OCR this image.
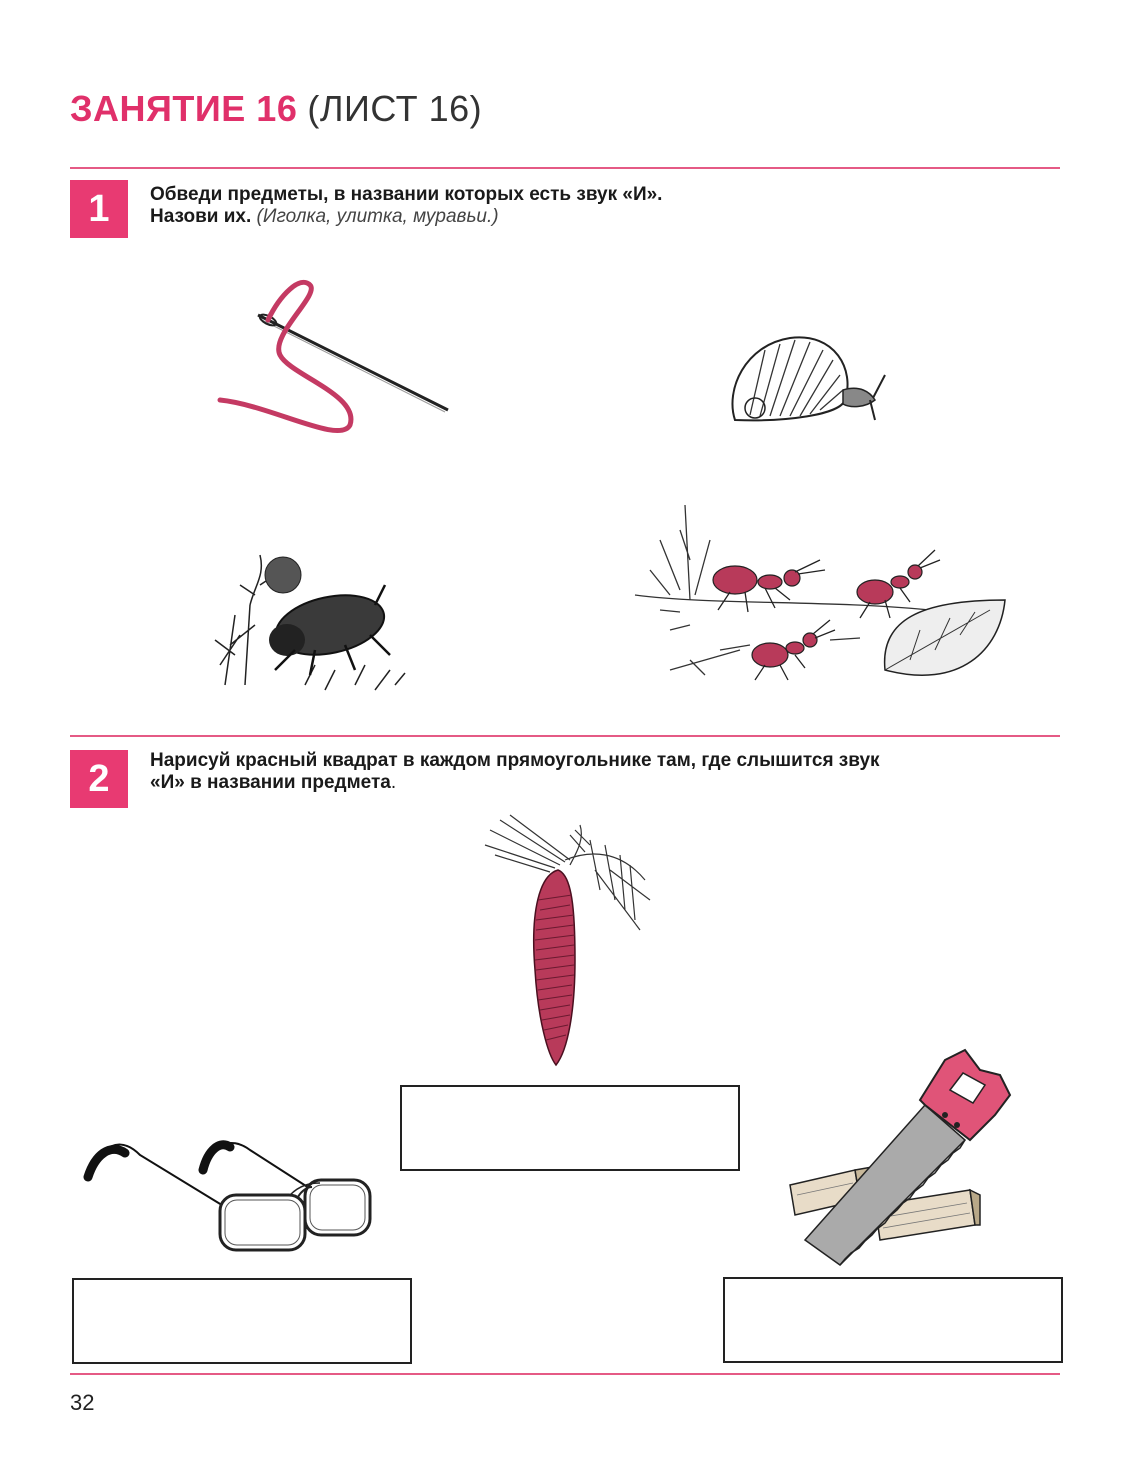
ЗАНЯТИЕ 16 (ЛИСТ 16)
1	Обведи предметы, в названии которых есть звук «И».
Назови их. (Иголка, улитка, муравьи.)
2	Нарисуй красный квадрат в каждом прямоугольнике там, где слышится звук
«И» в названии предмета.
32
